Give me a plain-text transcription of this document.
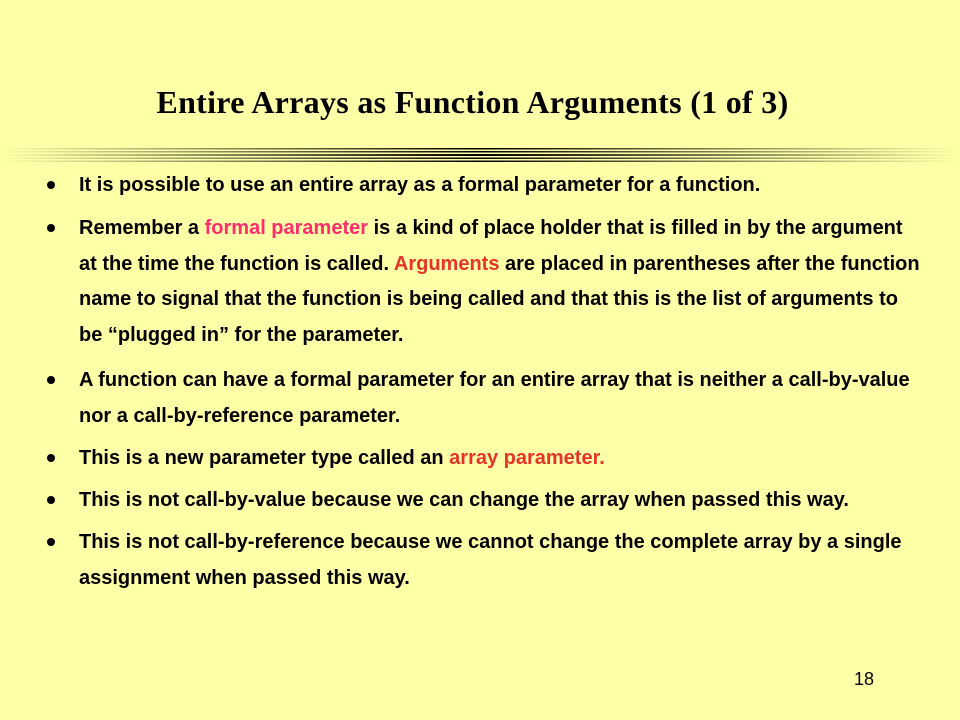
Entire Arrays as Function Arguments (1 of 3)
It is possible to use an entire array as a formal parameter for a function.
Remember a formal parameter is a kind of place holder that is filled in by the argument at the time the function is called. Arguments are placed in parentheses after the function name to signal that the function is being called and that this is the list of arguments to be “plugged in” for the parameter.
A function can have a formal parameter for an entire array that is neither a call-by-value nor a call-by-reference parameter.
This is a new parameter type called an array parameter.
This is not call-by-value because we can change the array when passed this way.
This is not call-by-reference because we cannot change the complete array by a single assignment when passed this way.
18
